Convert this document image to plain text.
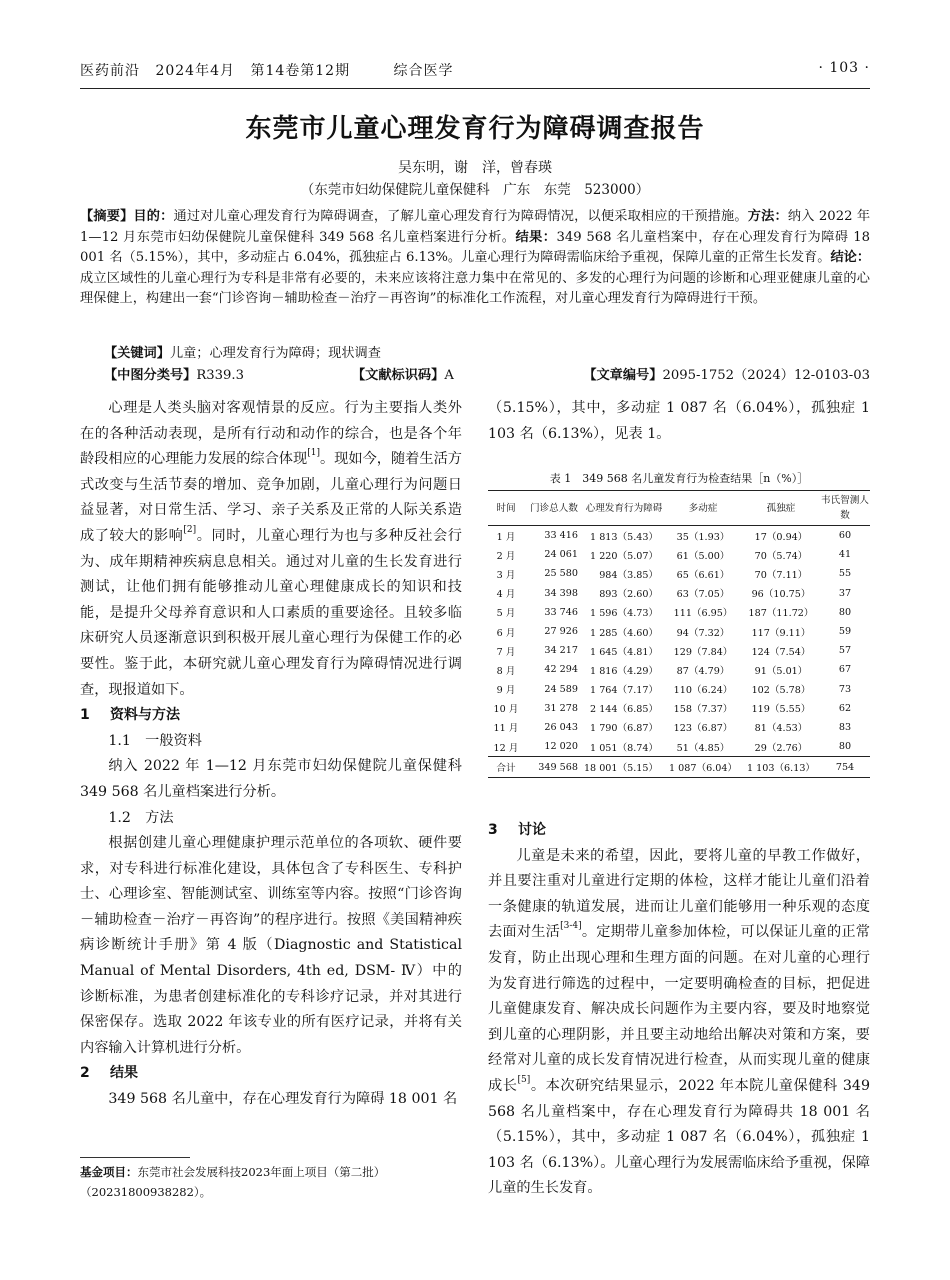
医药前沿 2024年4月 第14卷第12期	综合医学	· 103 ·
东莞市儿童心理发育行为障碍调查报告
吴东明，谢　洋，曾春瑛
（东莞市妇幼保健院儿童保健科　广东　东莞　523000）
【摘要】目的：通过对儿童心理发育行为障碍调查，了解儿童心理发育行为障碍情况，以便采取相应的干预措施。方法：纳入 2022 年 1—12 月东莞市妇幼保健院儿童保健科 349 568 名儿童档案进行分析。结果：349 568 名儿童档案中，存在心理发育行为障碍 18 001 名（5.15%），其中，多动症占 6.04%，孤独症占 6.13%。儿童心理行为障碍需临床给予重视，保障儿童的正常生长发育。结论：成立区域性的儿童心理行为专科是非常有必要的，未来应该将注意力集中在常见的、多发的心理行为问题的诊断和心理亚健康儿童的心理保健上，构建出一套“门诊咨询－辅助检查－治疗－再咨询”的标准化工作流程，对儿童心理发育行为障碍进行干预。
【关键词】儿童；心理发育行为障碍；现状调查
【中图分类号】R339.3	【文献标识码】A	【文章编号】2095-1752（2024）12-0103-03

心理是人类头脑对客观情景的反应。行为主要指人类外在的各种活动表现，是所有行动和动作的综合，也是各个年龄段相应的心理能力发展的综合体现[1]。现如今，随着生活方式改变与生活节奏的增加、竞争加剧，儿童心理行为问题日益显著，对日常生活、学习、亲子关系及正常的人际关系造成了较大的影响[2]。同时，儿童心理行为也与多种反社会行为、成年期精神疾病息息相关。通过对儿童的生长发育进行测试，让他们拥有能够推动儿童心理健康成长的知识和技能，是提升父母养育意识和人口素质的重要途径。且较多临床研究人员逐渐意识到积极开展儿童心理行为保健工作的必要性。鉴于此，本研究就儿童心理发育行为障碍情况进行调查，现报道如下。

1 资料与方法

1.1　一般资料

纳入 2022 年 1—12 月东莞市妇幼保健院儿童保健科 349 568 名儿童档案进行分析。

1.2　方法

根据创建儿童心理健康护理示范单位的各项软、硬件要求，对专科进行标准化建设，具体包含了专科医生、专科护士、心理诊室、智能测试室、训练室等内容。按照“门诊咨询－辅助检查－治疗－再咨询”的程序进行。按照《美国精神疾病诊断统计手册》第 4 版（Diagnostic and Statistical Manual of Mental Disorders, 4th ed, DSM- Ⅳ）中的诊断标准，为患者创建标准化的专科诊疗记录，并对其进行保密保存。选取 2022 年该专业的所有医疗记录，并将有关内容输入计算机进行分析。

2 结果

349 568 名儿童中，存在心理发育行为障碍 18 001 名

（5.15%），其中，多动症 1 087 名（6.04%），孤独症 1 103 名（6.13%），见表 1。

表 1　349 568 名儿童发育行为检查结果［n（%）］
时间	门诊总人数	心理发育行为障碍	多动症	孤独症	韦氏智测人数
1 月	33 416	1 813（5.43）	35（1.93）	17（0.94）	60
2 月	24 061	1 220（5.07）	61（5.00）	70（5.74）	41
3 月	25 580	984（3.85）	65（6.61）	70（7.11）	55
4 月	34 398	893（2.60）	63（7.05）	96（10.75）	37
5 月	33 746	1 596（4.73）	111（6.95）	187（11.72）	80
6 月	27 926	1 285（4.60）	94（7.32）	117（9.11）	59
7 月	34 217	1 645（4.81）	129（7.84）	124（7.54）	57
8 月	42 294	1 816（4.29）	87（4.79）	91（5.01）	67
9 月	24 589	1 764（7.17）	110（6.24）	102（5.78）	73
10 月	31 278	2 144（6.85）	158（7.37）	119（5.55）	62
11 月	26 043	1 790（6.87）	123（6.87）	81（4.53）	83
12 月	12 020	1 051（8.74）	51（4.85）	29（2.76）	80
合计	349 568	18 001（5.15）	1 087（6.04）	1 103（6.13）	754

3 讨论

儿童是未来的希望，因此，要将儿童的早教工作做好，并且要注重对儿童进行定期的体检，这样才能让儿童们沿着一条健康的轨道发展，进而让儿童们能够用一种乐观的态度去面对生活[3-4]。定期带儿童参加体检，可以保证儿童的正常发育，防止出现心理和生理方面的问题。在对儿童的心理行为发育进行筛选的过程中，一定要明确检查的目标，把促进儿童健康发育、解决成长问题作为主要内容，要及时地察觉到儿童的心理阴影，并且要主动地给出解决对策和方案，要经常对儿童的成长发育情况进行检查，从而实现儿童的健康成长[5]。本次研究结果显示，2022 年本院儿童保健科 349 568 名儿童档案中，存在心理发育行为障碍共 18 001 名（5.15%），其中，多动症 1 087 名（6.04%），孤独症 1 103 名（6.13%）。儿童心理行为发展需临床给予重视，保障儿童的生长发育。

基金项目：东莞市社会发展科技2023年面上项目（第二批）（20231800938282）。
